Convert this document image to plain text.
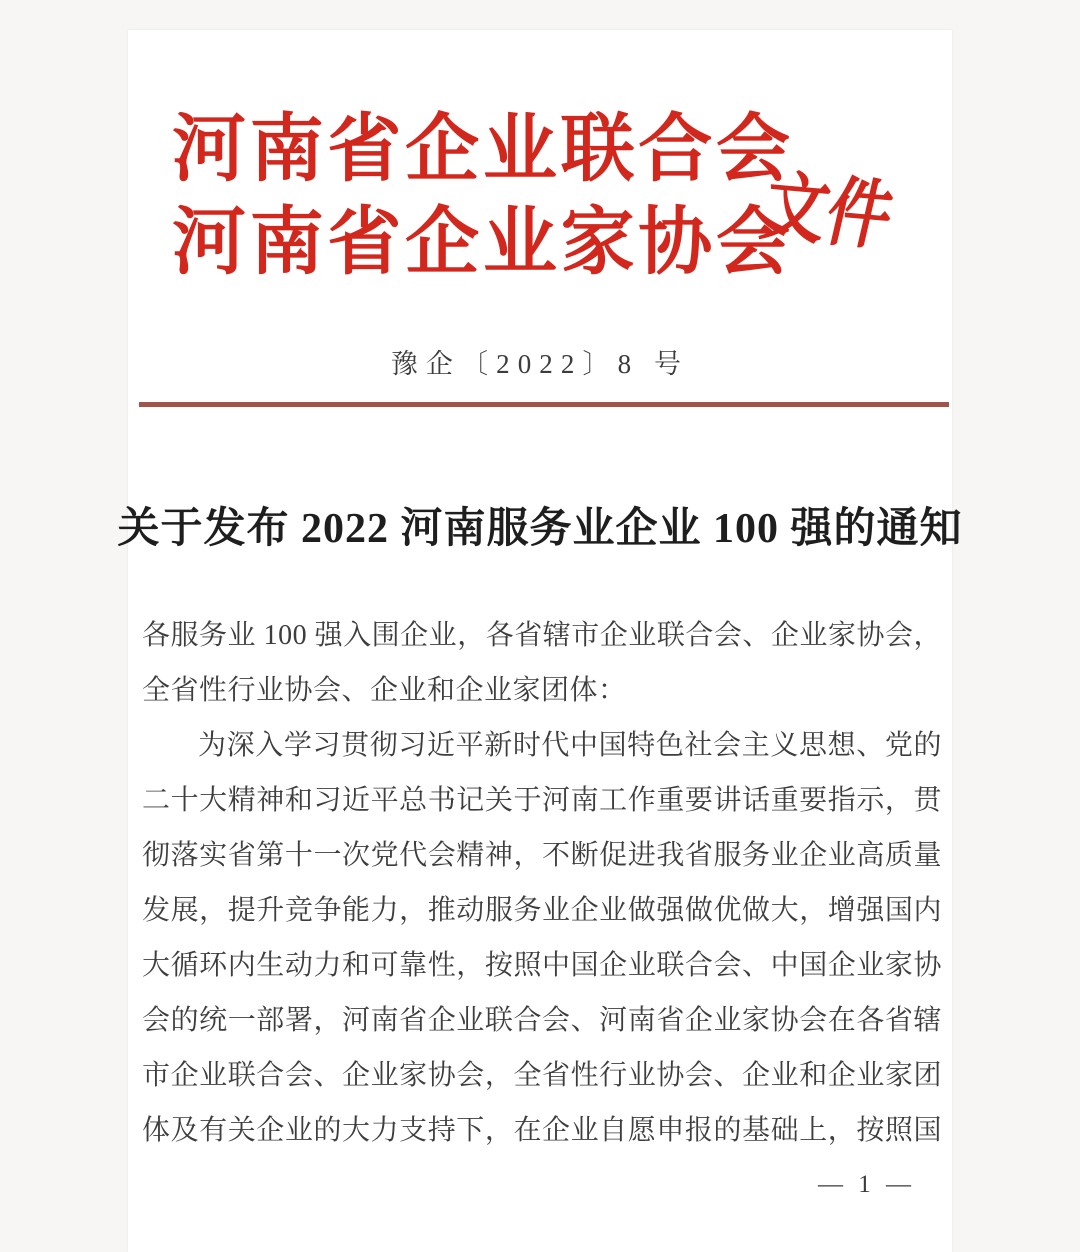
河南省企业联合会
河南省企业家协会
文件
豫企〔2022〕8 号
关于发布 2022 河南服务业企业 100 强的通知

各服务业 100 强入围企业，各省辖市企业联合会、企业家协会，

全省性行业协会、企业和企业家团体：

为深入学习贯彻习近平新时代中国特色社会主义思想、党的

二十大精神和习近平总书记关于河南工作重要讲话重要指示，贯

彻落实省第十一次党代会精神，不断促进我省服务业企业高质量

发展，提升竞争能力，推动服务业企业做强做优做大，增强国内

大循环内生动力和可靠性，按照中国企业联合会、中国企业家协

会的统一部署，河南省企业联合会、河南省企业家协会在各省辖

市企业联合会、企业家协会，全省性行业协会、企业和企业家团

体及有关企业的大力支持下，在企业自愿申报的基础上，按照国

— 1 —
